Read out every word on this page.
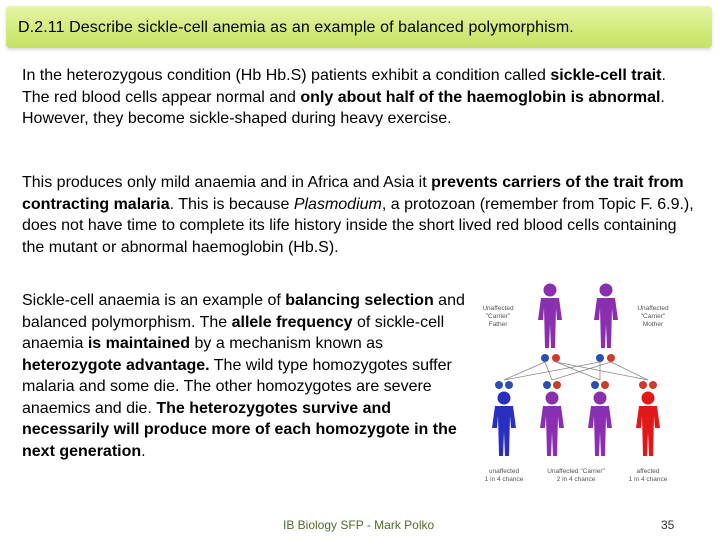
D.2.11 Describe sickle-cell anemia as an example of balanced polymorphism.

In the heterozygous condition (Hb Hb.S) patients exhibit a condition called sickle-cell trait. The red blood cells appear normal and only about half of the haemoglobin is abnormal. However, they become sickle-shaped during heavy exercise.

This produces only mild anaemia and in Africa and Asia it prevents carriers of the trait from contracting malaria. This is because Plasmodium, a protozoan (remember from Topic F. 6.9.), does not have time to complete its life history inside the short lived red blood cells containing the mutant or abnormal haemoglobin (Hb.S).

Sickle-cell anaemia is an example of balancing selection and balanced polymorphism. The allele frequency of sickle-cell anaemia is maintained by a mechanism known as heterozygote advantage. The wild type homozygotes suffer malaria and some die. The other homozygotes are severe anaemics and die. The heterozygotes survive and necessarily will produce more of each homozygote in the next generation.

Unaffected
"Carrier"
Father
Unaffected
"Carrier"
Mother
unaffected
1 in 4 chance
Unaffected "Carrier"
2 in 4 chance
affected
1 in 4 chance
IB Biology SFP - Mark Polko	35
